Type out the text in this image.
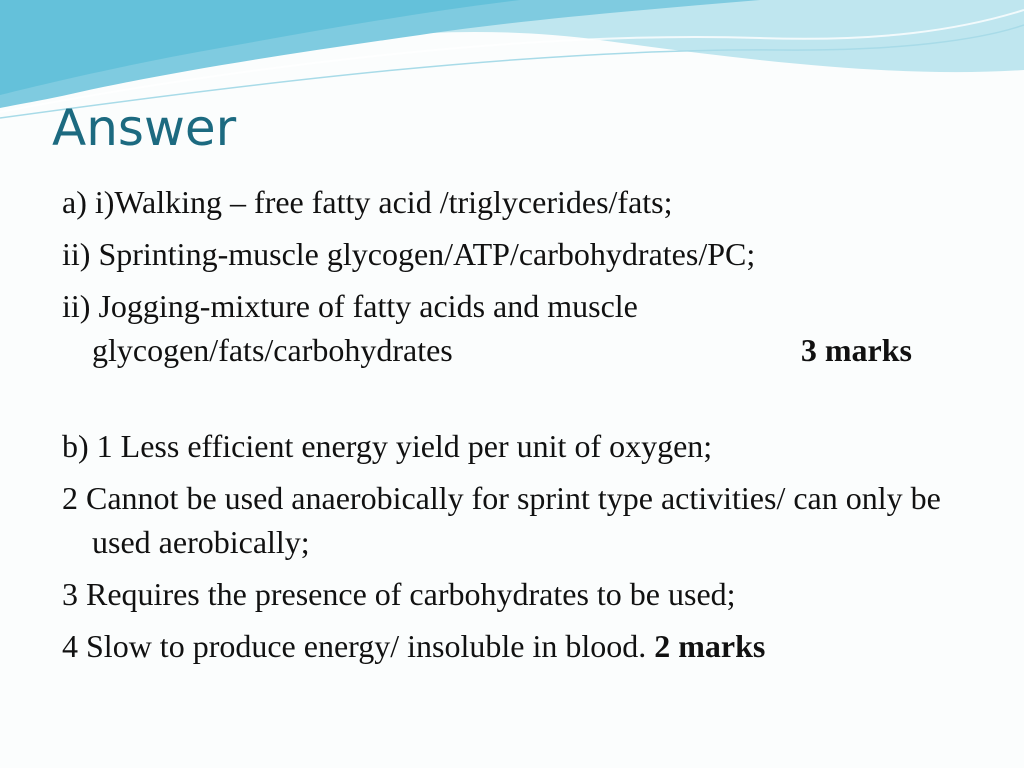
Answer

a) i)Walking – free fatty acid /triglycerides/fats;

ii) Sprinting-muscle glycogen/ATP/carbohydrates/PC;

ii) Jogging-mixture of fatty acids and muscle glycogen/fats/carbohydrates	3 marks

b) 1 Less efficient energy yield per unit of oxygen;

2 Cannot be used anaerobically for sprint type activities/ can only be used aerobically;

3 Requires the presence of carbohydrates to be used;

4 Slow to produce energy/ insoluble in blood. 2 marks
